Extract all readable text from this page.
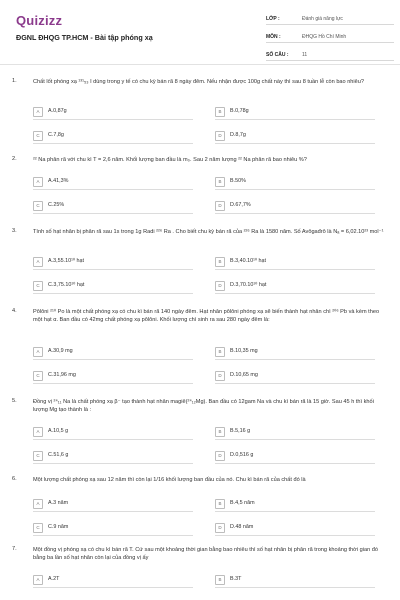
Quizizz
ĐGNL ĐHQG TP.HCM - Bài tập phóng xạ
LỚP :	Đánh giá năng lực
MÔN :	ĐHQG Hồ Chí Minh
SỐ CÂU :	11
1.	Chất lốt phóng xạ ¹³¹₅₃ I dùng trong y tế có chu kỳ bán rã 8 ngày đêm. Nếu nhận được 100g chất này thì sau 8 tuần lễ còn bao nhiêu?
A	A.0,87g	B	B.0,78g
C	C.7,8g	D	D.8,7g
2.	²² Na phân rã với chu kì T = 2,6 năm. Khối lượng ban đầu là m₀. Sau 2 năm lượng ²² Na phân rã bao nhiêu %?
A	A.41,3%	B	B.50%
C	C.25%	D	D.67,7%
3.	Tính số hạt nhân bị phân rã sau 1s trong 1g Radi ²²⁶ Ra . Cho biết chu kỳ bán rã của ²²⁶ Ra là 1580 năm. Số Avôgađrô là Nₐ = 6,02.10²³ mol⁻¹
A	A.3,55.10¹⁰ hạt	B	B.3,40.10¹⁰ hạt
C	C.3,75.10¹⁰ hạt	D	D.3,70.10¹⁰ hạt
4.	Pôlôni ²¹⁰ Po là một chất phóng xạ có chu kì bán rã 140 ngày đêm. Hạt nhân pôlôni phóng xạ sẽ biến thành hạt nhân chì ²⁰⁶ Pb và kèm theo một hạt α. Ban đầu có 42mg chất phóng xạ pôlôni. Khối lượng chì sinh ra sau 280 ngày đêm là:
A	A.30,9 mg	B	B.10,35 mg
C	C.31,96 mg	D	D.10,65 mg
5.	Đồng vị ²⁴₁₁ Na là chất phóng xạ β⁻ tạo thành hạt nhân magiê(²⁴₁₂Mg). Ban đầu có 12gam Na và chu kì bán rã là 15 giờ. Sau 45 h thì khối lượng Mg tạo thành là :
A	A.10,5 g	B	B.5,16 g
C	C.51,6 g	D	D.0,516 g
6.	Một lượng chất phóng xạ sau 12 năm thì còn lại 1/16 khối lượng ban đầu của nó. Chu kì bán rã của chất đó là
A	A.3 năm	B	B.4,5 năm
C	C.9 năm	D	D.48 năm
7.	Một đồng vị phóng xạ có chu kì bán rã T. Cứ sau một khoảng thời gian bằng bao nhiêu thì số hạt nhân bị phân rã trong khoảng thời gian đó bằng ba lần số hạt nhân còn lại của đồng vị ấy
A	A.2T	B	B.3T
